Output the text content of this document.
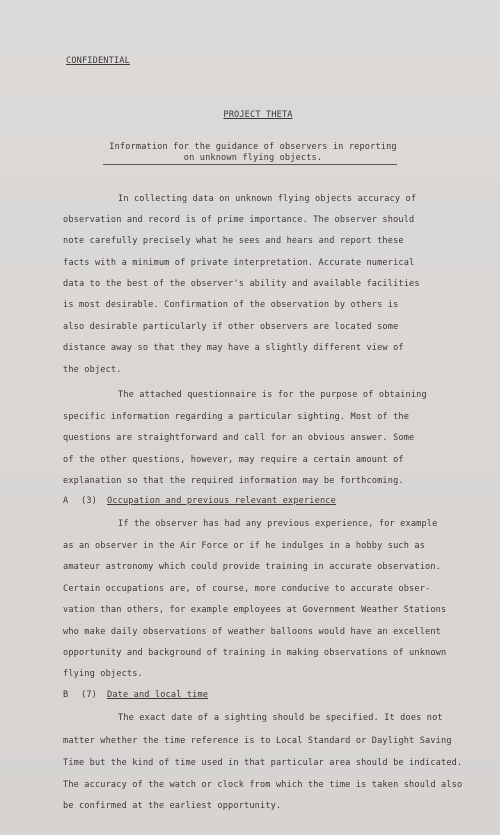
CONFIDENTIAL
PROJECT THETA
Information for the guidance of observers in reporting
on unknown flying objects.
In collecting data on unknown flying objects accuracy of
observation and record is of prime importance. The observer should
note carefully precisely what he sees and hears and report these
facts with a minimum of private interpretation. Accurate numerical
data to the best of the observer's ability and available facilities
is most desirable. Confirmation of the observation by others is
also desirable particularly if other observers are located some
distance away so that they may have a slightly different view of
the object.
The attached questionnaire is for the purpose of obtaining
specific information regarding a particular sighting. Most of the
questions are straightforward and call for an obvious answer. Some
of the other questions, however, may require a certain amount of
explanation so that the required information may be forthcoming.
A (3) Occupation and previous relevant experience
If the observer has had any previous experience, for example
as an observer in the Air Force or if he indulges in a hobby such as
amateur astronomy which could provide training in accurate observation.
Certain occupations are, of course, more conducive to accurate obser-
vation than others, for example employees at Government Weather Stations
who make daily observations of weather balloons would have an excellent
opportunity and background of training in making observations of unknown
flying objects.
B (7) Date and local time
The exact date of a sighting should be specified. It does not
matter whether the time reference is to Local Standard or Daylight Saving
Time but the kind of time used in that particular area should be indicated.
The accuracy of the watch or clock from which the time is taken should also
be confirmed at the earliest opportunity.
